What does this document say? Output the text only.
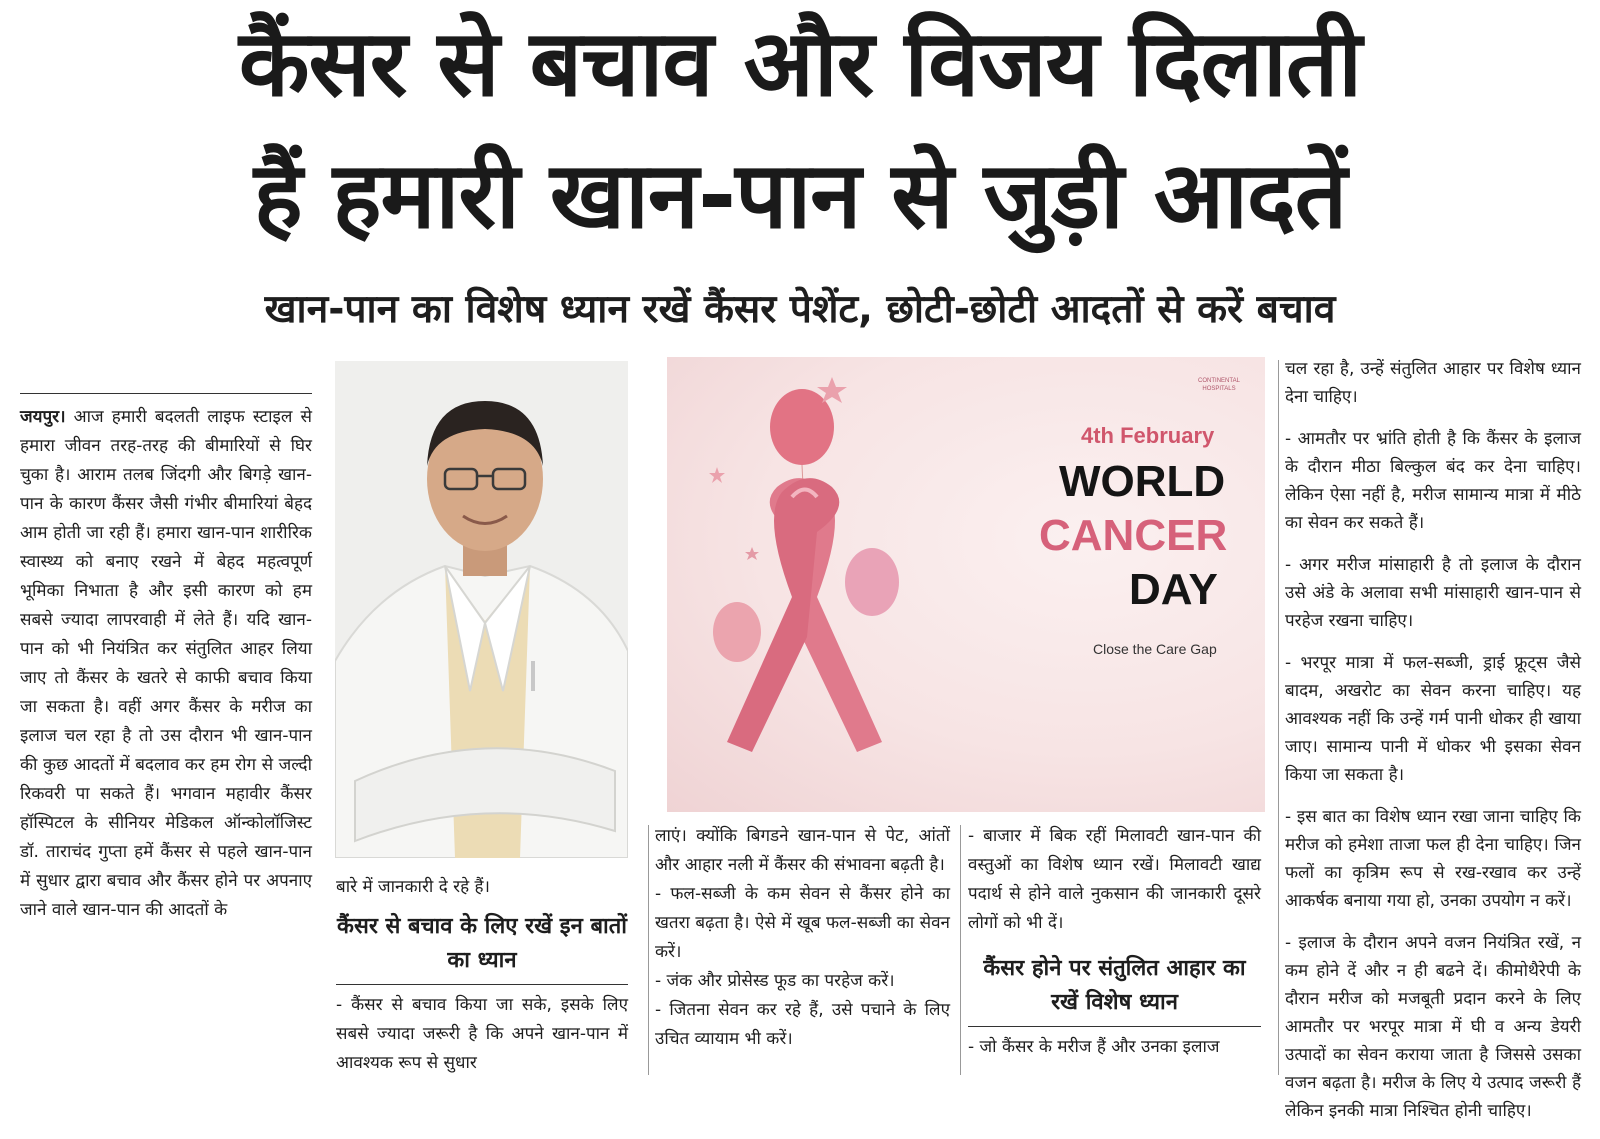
कैंसर से बचाव और विजय दिलाती
हैं हमारी खान-पान से जुड़ी आदतें
खान-पान का विशेष ध्यान रखें कैंसर पेशेंट, छोटी-छोटी आदतों से करें बचाव

जयपुर। आज हमारी बदलती लाइफ स्टाइल से हमारा जीवन तरह-तरह की बीमारियों से घिर चुका है। आराम तलब जिंदगी और बिगड़े खान-पान के कारण कैंसर जैसी गंभीर बीमारियां बेहद आम होती जा रही हैं। हमारा खान-पान शारीरिक स्वास्थ्य को बनाए रखने में बेहद महत्वपूर्ण भूमिका निभाता है और इसी कारण को हम सबसे ज्यादा लापरवाही में लेते हैं। यदि खान-पान को भी नियंत्रित कर संतुलित आहर लिया जाए तो कैंसर के खतरे से काफी बचाव किया जा सकता है। वहीं अगर कैंसर के मरीज का इलाज चल रहा है तो उस दौरान भी खान-पान की कुछ आदतों में बदलाव कर हम रोग से जल्दी रिकवरी पा सकते हैं। भगवान महावीर कैंसर हॉस्पिटल के सीनियर मेडिकल ऑन्कोलॉजिस्ट डॉ. ताराचंद गुप्ता हमें कैंसर से पहले खान-पान में सुधार द्वारा बचाव और कैंसर होने पर अपनाए जाने वाले खान-पान की आदतों के

बारे में जानकारी दे रहे हैं।

कैंसर से बचाव के लिए रखें इन बातों का ध्यान

- कैंसर से बचाव किया जा सके, इसके लिए सबसे ज्यादा जरूरी है कि अपने खान-पान में आवश्यक रूप से सुधार

CONTINENTAL HOSPITALS
4th February
WORLD
CANCER
DAY
Close the Care Gap

लाएं। क्योंकि बिगडने खान-पान से पेट, आंतों और आहार नली में कैंसर की संभावना बढ़ती है।

- फल-सब्जी के कम सेवन से कैंसर होने का खतरा बढ़ता है। ऐसे में खूब फल-सब्जी का सेवन करें।

- जंक और प्रोसेस्ड फूड का परहेज करें।

- जितना सेवन कर रहे हैं, उसे पचाने के लिए उचित व्यायाम भी करें।

- बाजार में बिक रहीं मिलावटी खान-पान की वस्तुओं का विशेष ध्यान रखें। मिलावटी खाद्य पदार्थ से होने वाले नुकसान की जानकारी दूसरे लोगों को भी दें।

कैंसर होने पर संतुलित आहार का रखें विशेष ध्यान

- जो कैंसर के मरीज हैं और उनका इलाज

चल रहा है, उन्हें संतुलित आहार पर विशेष ध्यान देना चाहिए।

- आमतौर पर भ्रांति होती है कि कैंसर के इलाज के दौरान मीठा बिल्कुल बंद कर देना चाहिए। लेकिन ऐसा नहीं है, मरीज सामान्य मात्रा में मीठे का सेवन कर सकते हैं।

- अगर मरीज मांसाहारी है तो इलाज के दौरान उसे अंडे के अलावा सभी मांसाहारी खान-पान से परहेज रखना चाहिए।

- भरपूर मात्रा में फल-सब्जी, ड्राई फ्रूट्स जैसे बादम, अखरोट का सेवन करना चाहिए। यह आवश्यक नहीं कि उन्हें गर्म पानी धोकर ही खाया जाए। सामान्य पानी में धोकर भी इसका सेवन किया जा सकता है।

- इस बात का विशेष ध्यान रखा जाना चाहिए कि मरीज को हमेशा ताजा फल ही देना चाहिए। जिन फलों का कृत्रिम रूप से रख-रखाव कर उन्हें आकर्षक बनाया गया हो, उनका उपयोग न करें।

- इलाज के दौरान अपने वजन नियंत्रित रखें, न कम होने दें और न ही बढने दें। कीमोथैरेपी के दौरान मरीज को मजबूती प्रदान करने के लिए आमतौर पर भरपूर मात्रा में घी व अन्य डेयरी उत्पादों का सेवन कराया जाता है जिससे उसका वजन बढ़ता है। मरीज के लिए ये उत्पाद जरूरी हैं लेकिन इनकी मात्रा निश्चित होनी चाहिए।
